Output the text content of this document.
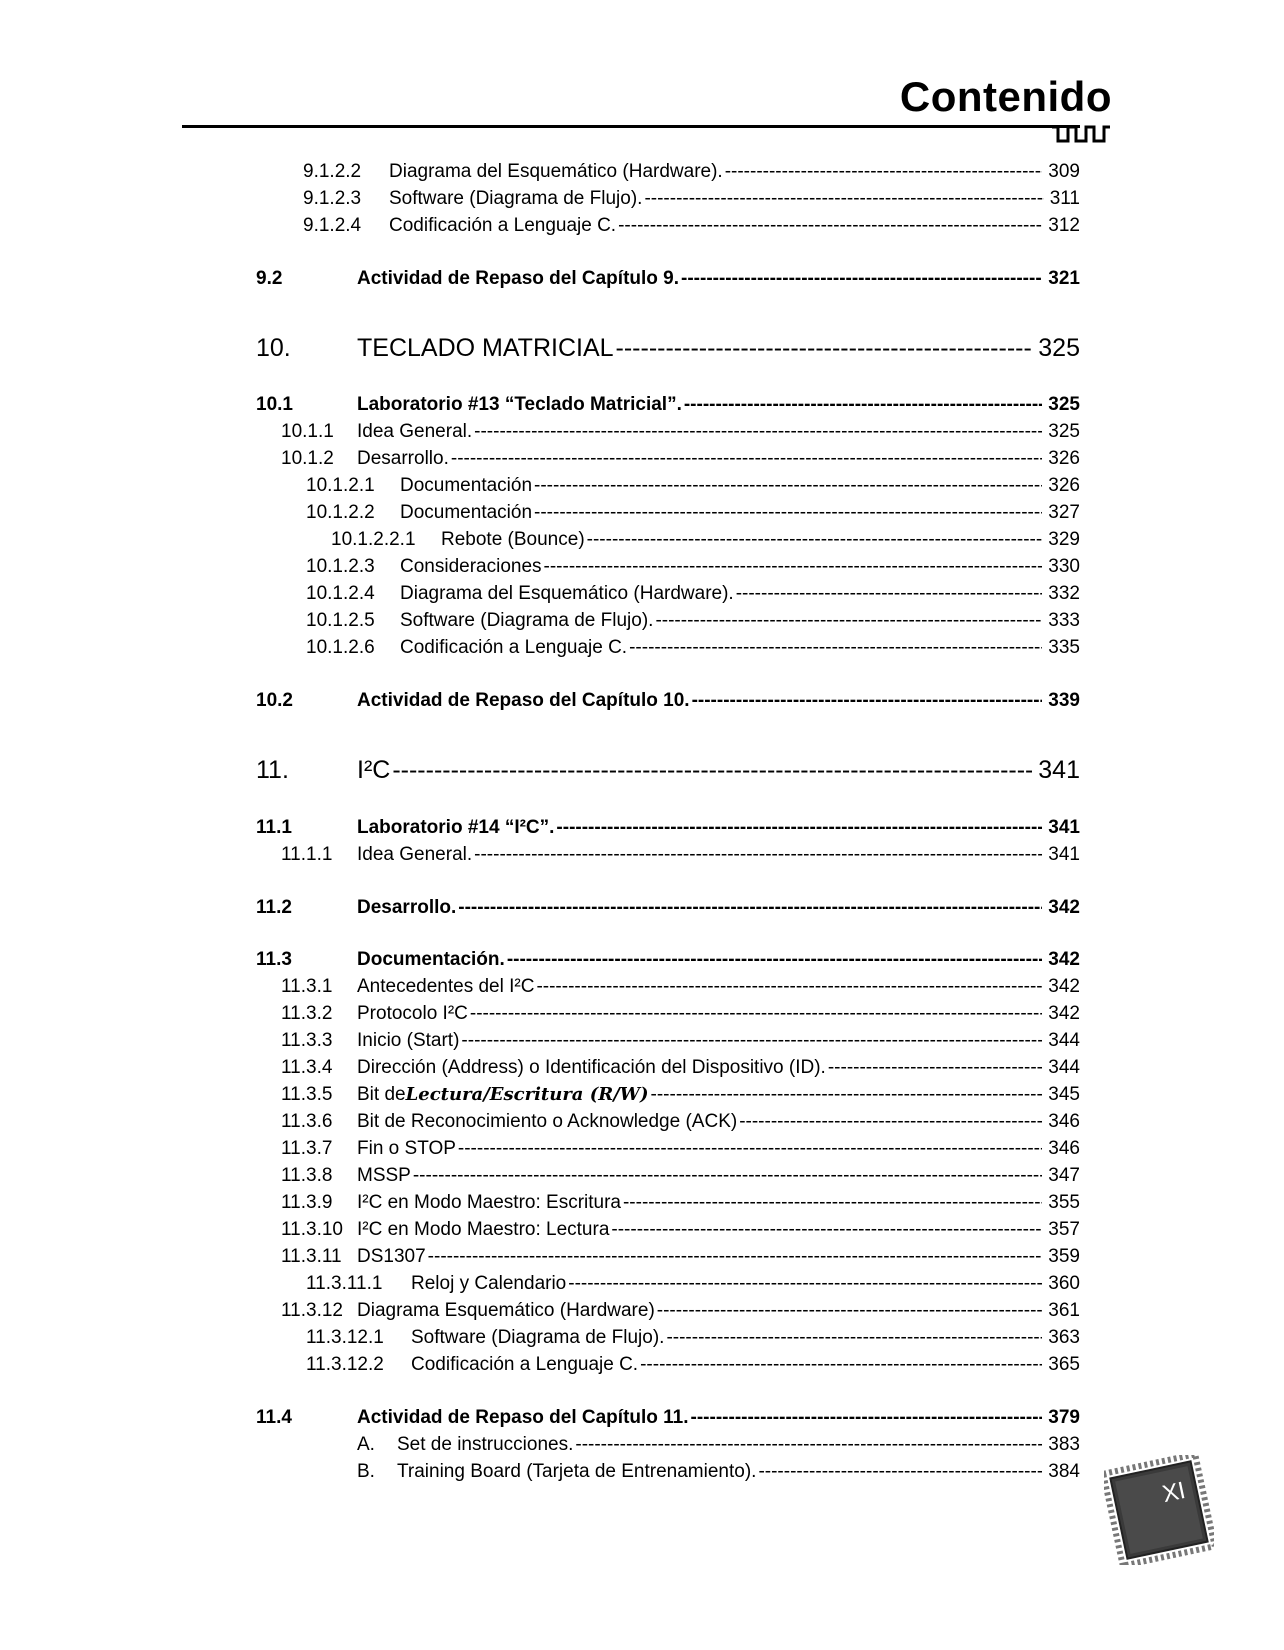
Contenido
9.1.2.2 Diagrama del Esquemático (Hardware). -----	309
9.1.2.3 Software (Diagrama de Flujo). -----	311
9.1.2.4 Codificación a Lenguaje C. -----	312
9.2	Actividad de Repaso del Capítulo 9. -----	321
10.	TECLADO MATRICIAL -----	325
10.1	Laboratorio #13 “Teclado Matricial”. -----	325
10.1.1 Idea General. -----	325
10.1.2 Desarrollo. -----	326
10.1.2.1 Documentación -----	326
10.1.2.2 Documentación -----	327
10.1.2.2.1 Rebote (Bounce) -----	329
10.1.2.3 Consideraciones -----	330
10.1.2.4 Diagrama del Esquemático (Hardware). -----	332
10.1.2.5 Software (Diagrama de Flujo). -----	333
10.1.2.6 Codificación a Lenguaje C. -----	335
10.2	Actividad de Repaso del Capítulo 10. -----	339
11.	I²C -----	341
11.1	Laboratorio #14 “I²C”. -----	341
11.1.1 Idea General. -----	341
11.2	Desarrollo. -----	342
11.3	Documentación. -----	342
11.3.1 Antecedentes del I²C -----	342
11.3.2 Protocolo I²C -----	342
11.3.3 Inicio (Start) -----	344
11.3.4 Dirección (Address) o Identificación del Dispositivo (ID). -----	344
11.3.5 Bit de Lectura/Escritura (R/W) -----	345
11.3.6 Bit de Reconocimiento o Acknowledge (ACK) -----	346
11.3.7 Fin o STOP -----	346
11.3.8 MSSP -----	347
11.3.9 I²C en Modo Maestro: Escritura -----	355
11.3.10 I²C en Modo Maestro: Lectura -----	357
11.3.11 DS1307 -----	359
11.3.11.1 Reloj y Calendario -----	360
11.3.12 Diagrama Esquemático (Hardware) -----	361
11.3.12.1 Software (Diagrama de Flujo). -----	363
11.3.12.2 Codificación a Lenguaje C. -----	365
11.4	Actividad de Repaso del Capítulo 11. -----	379
A. Set de instrucciones. -----	383
B. Training Board (Tarjeta de Entrenamiento). -----	384
XI
